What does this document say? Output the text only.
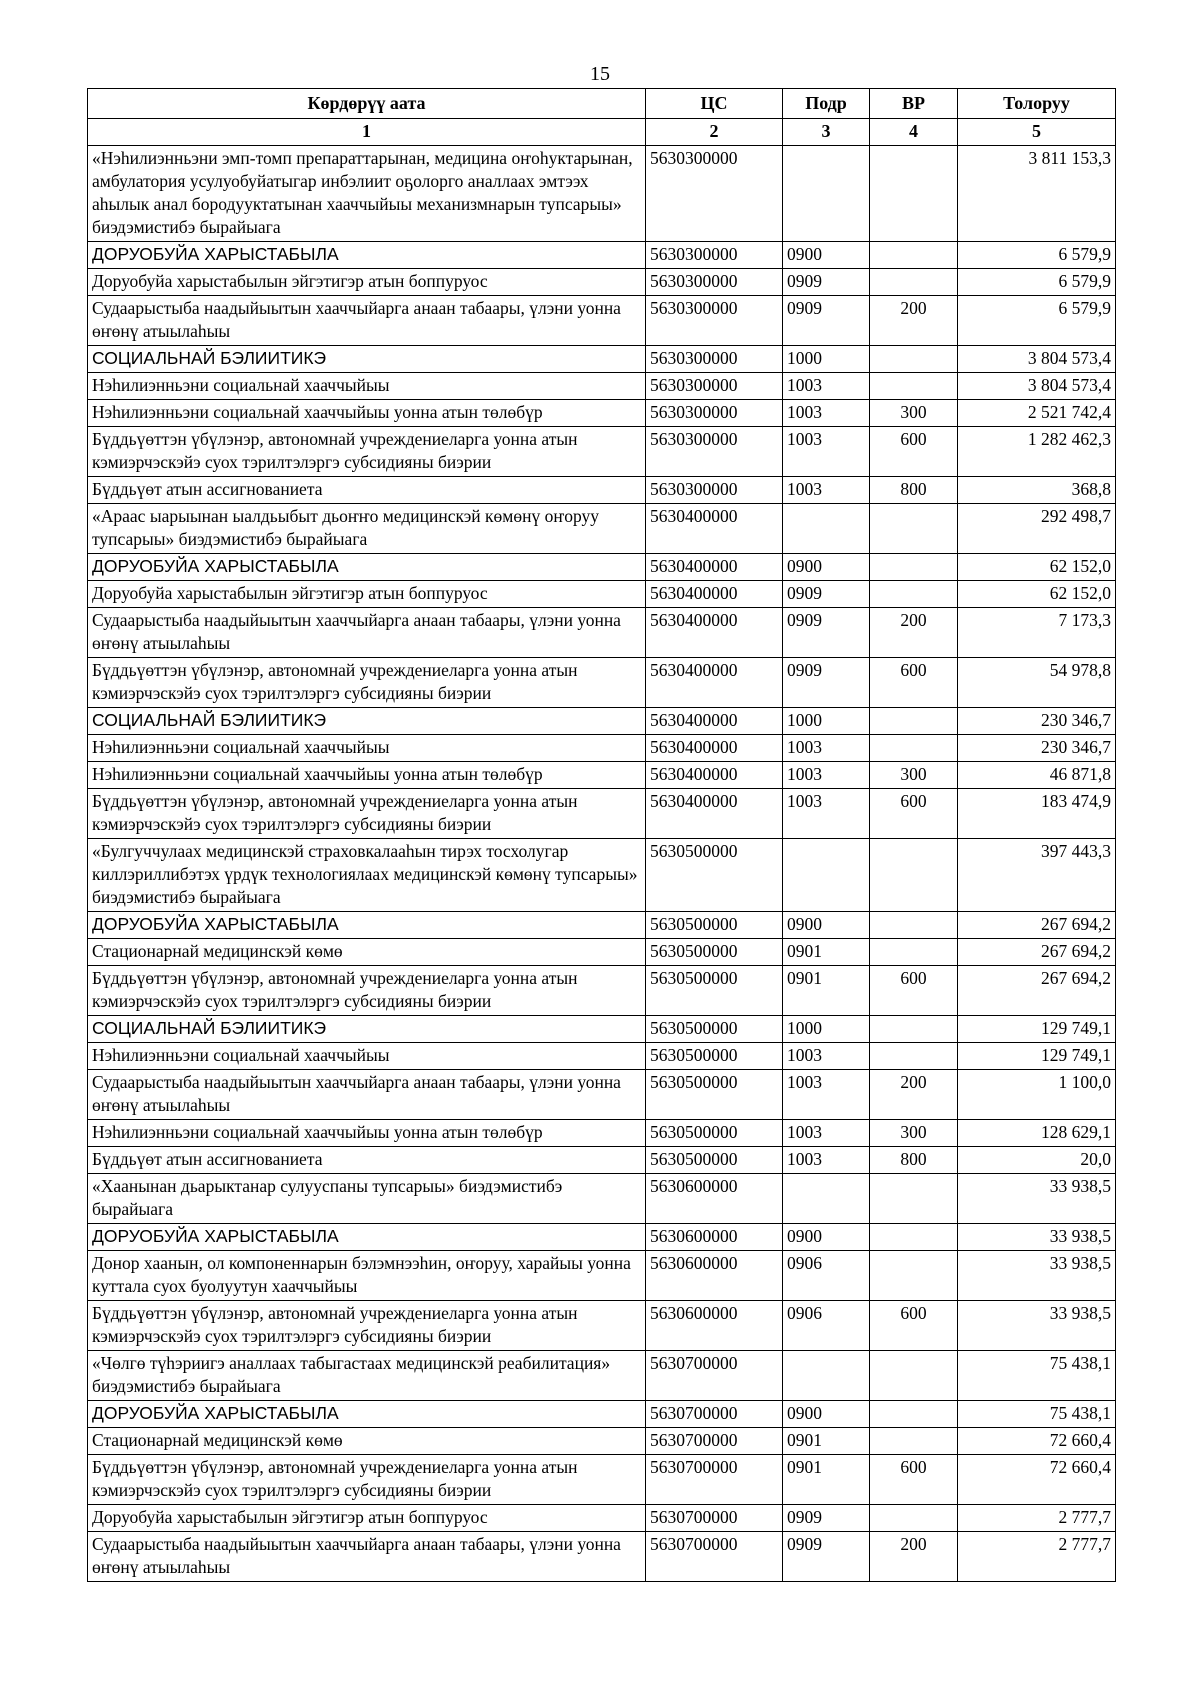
15
Көрдөрүү аата	ЦС	Подр	ВР	Толоруу
1	2	3	4	5
«Нэһилиэнньэни эмп-томп препараттарынан, медицина оҥоһуктарынан, амбулатория усулуобуйатыгар инбэлиит оҕолорго аналлаах эмтээх аһылык анал бородууктатынан хааччыйыы механизмнарын тупсарыы» биэдэмистибэ бырайыага	5630300000			3 811 153,3
ДОРУОБУЙА ХАРЫСТАБЫЛА	5630300000	0900		6 579,9
Доруобуйа харыстабылын эйгэтигэр атын боппуруос	5630300000	0909		6 579,9
Судаарыстыба наадыйыытын хааччыйарга анаан табаары, үлэни уонна өҥөнү атыылаһыы	5630300000	0909	200	6 579,9
СОЦИАЛЬНАЙ БЭЛИИТИКЭ	5630300000	1000		3 804 573,4
Нэһилиэнньэни социальнай хааччыйыы	5630300000	1003		3 804 573,4
Нэһилиэнньэни социальнай хааччыйыы уонна атын төлөбүр	5630300000	1003	300	2 521 742,4
Бүддьүөттэн үбүлэнэр, автономнай учреждениеларга уонна атын кэмиэрчэскэйэ суох тэрилтэлэргэ субсидияны биэрии	5630300000	1003	600	1 282 462,3
Бүддьүөт атын ассигнованиета	5630300000	1003	800	368,8
«Араас ыарыынан ыалдьыбыт дьоҥҥо медицинскэй көмөнү оҥоруу тупсарыы» биэдэмистибэ бырайыага	5630400000			292 498,7
ДОРУОБУЙА ХАРЫСТАБЫЛА	5630400000	0900		62 152,0
Доруобуйа харыстабылын эйгэтигэр атын боппуруос	5630400000	0909		62 152,0
Судаарыстыба наадыйыытын хааччыйарга анаан табаары, үлэни уонна өҥөнү атыылаһыы	5630400000	0909	200	7 173,3
Бүддьүөттэн үбүлэнэр, автономнай учреждениеларга уонна атын кэмиэрчэскэйэ суох тэрилтэлэргэ субсидияны биэрии	5630400000	0909	600	54 978,8
СОЦИАЛЬНАЙ БЭЛИИТИКЭ	5630400000	1000		230 346,7
Нэһилиэнньэни социальнай хааччыйыы	5630400000	1003		230 346,7
Нэһилиэнньэни социальнай хааччыйыы уонна атын төлөбүр	5630400000	1003	300	46 871,8
Бүддьүөттэн үбүлэнэр, автономнай учреждениеларга уонна атын кэмиэрчэскэйэ суох тэрилтэлэргэ субсидияны биэрии	5630400000	1003	600	183 474,9
«Булгуччулаах медицинскэй страховкалааһын тирэх тосхолугар киллэриллибэтэх үрдүк технологиялаах медицинскэй көмөнү тупсарыы» биэдэмистибэ бырайыага	5630500000			397 443,3
ДОРУОБУЙА ХАРЫСТАБЫЛА	5630500000	0900		267 694,2
Стационарнай медицинскэй көмө	5630500000	0901		267 694,2
Бүддьүөттэн үбүлэнэр, автономнай учреждениеларга уонна атын кэмиэрчэскэйэ суох тэрилтэлэргэ субсидияны биэрии	5630500000	0901	600	267 694,2
СОЦИАЛЬНАЙ БЭЛИИТИКЭ	5630500000	1000		129 749,1
Нэһилиэнньэни социальнай хааччыйыы	5630500000	1003		129 749,1
Судаарыстыба наадыйыытын хааччыйарга анаан табаары, үлэни уонна өҥөнү атыылаһыы	5630500000	1003	200	1 100,0
Нэһилиэнньэни социальнай хааччыйыы уонна атын төлөбүр	5630500000	1003	300	128 629,1
Бүддьүөт атын ассигнованиета	5630500000	1003	800	20,0
«Хаанынан дьарыктанар сулууспаны тупсарыы» биэдэмистибэ бырайыага	5630600000			33 938,5
ДОРУОБУЙА ХАРЫСТАБЫЛА	5630600000	0900		33 938,5
Донор хаанын, ол компоненнарын бэлэмнээһин, оҥоруу, харайыы уонна куттала суох буолуутун хааччыйыы	5630600000	0906		33 938,5
Бүддьүөттэн үбүлэнэр, автономнай учреждениеларга уонна атын кэмиэрчэскэйэ суох тэрилтэлэргэ субсидияны биэрии	5630600000	0906	600	33 938,5
«Чөлгө түһэриигэ аналлаах табыгастаах медицинскэй реабилитация» биэдэмистибэ бырайыага	5630700000			75 438,1
ДОРУОБУЙА ХАРЫСТАБЫЛА	5630700000	0900		75 438,1
Стационарнай медицинскэй көмө	5630700000	0901		72 660,4
Бүддьүөттэн үбүлэнэр, автономнай учреждениеларга уонна атын кэмиэрчэскэйэ суох тэрилтэлэргэ субсидияны биэрии	5630700000	0901	600	72 660,4
Доруобуйа харыстабылын эйгэтигэр атын боппуруос	5630700000	0909		2 777,7
Судаарыстыба наадыйыытын хааччыйарга анаан табаары, үлэни уонна өҥөнү атыылаһыы	5630700000	0909	200	2 777,7
